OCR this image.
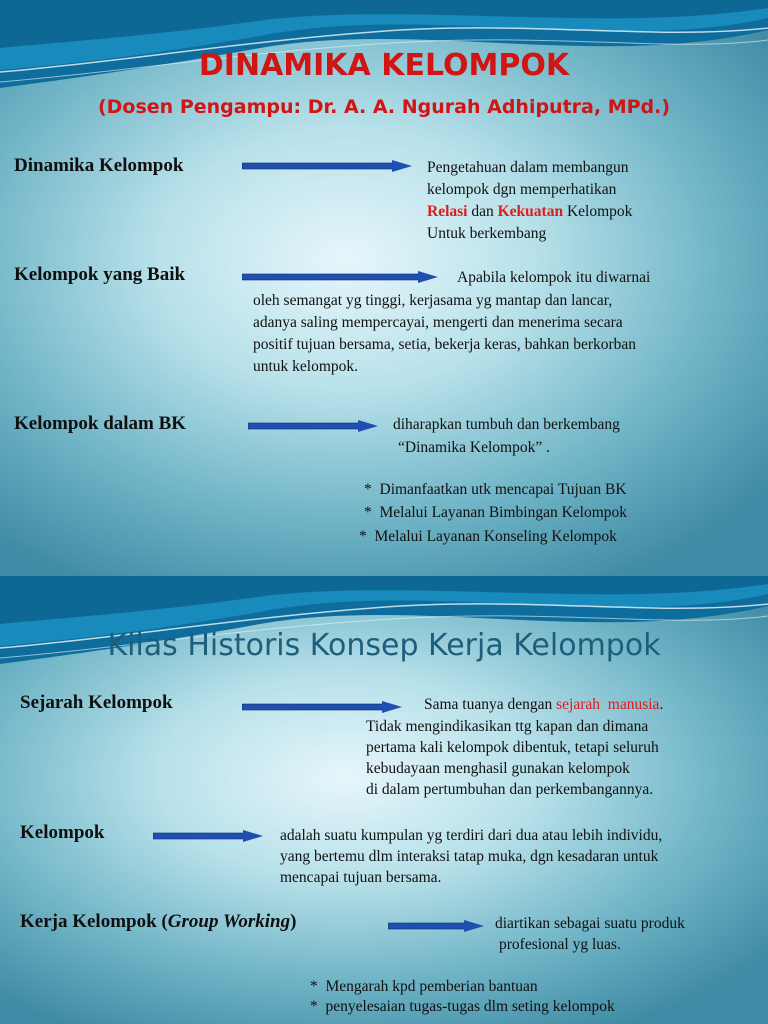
DINAMIKA KELOMPOK
(Dosen Pengampu: Dr. A. A. Ngurah Adhiputra, MPd.)
Dinamika Kelompok	Pengetahuan dalam membangun
kelompok dgn memperhatikan
Relasi dan Kekuatan Kelompok
Untuk berkembang
Kelompok yang Baik	Apabila kelompok itu diwarnai
oleh semangat yg tinggi, kerjasama yg mantap dan lancar,
adanya saling mempercayai, mengerti dan menerima secara
positif tujuan bersama, setia, bekerja keras, bahkan berkorban
untuk kelompok.
Kelompok dalam BK	diharapkan tumbuh dan berkembang
“Dinamika Kelompok” .
*  Dimanfaatkan utk mencapai Tujuan BK
*  Melalui Layanan Bimbingan Kelompok
*  Melalui Layanan Konseling Kelompok
Kilas Historis Konsep Kerja Kelompok
Sejarah Kelompok	Sama tuanya dengan sejarah  manusia.
Tidak mengindikasikan ttg kapan dan dimana
pertama kali kelompok dibentuk, tetapi seluruh
kebudayaan menghasil gunakan kelompok
di dalam pertumbuhan dan perkembangannya.
Kelompok	adalah suatu kumpulan yg terdiri dari dua atau lebih individu,
yang bertemu dlm interaksi tatap muka, dgn kesadaran untuk
mencapai tujuan bersama.
Kerja Kelompok (Group Working)	diartikan sebagai suatu produk
profesional yg luas.
*  Mengarah kpd pemberian bantuan
*  penyelesaian tugas-tugas dlm seting kelompok
